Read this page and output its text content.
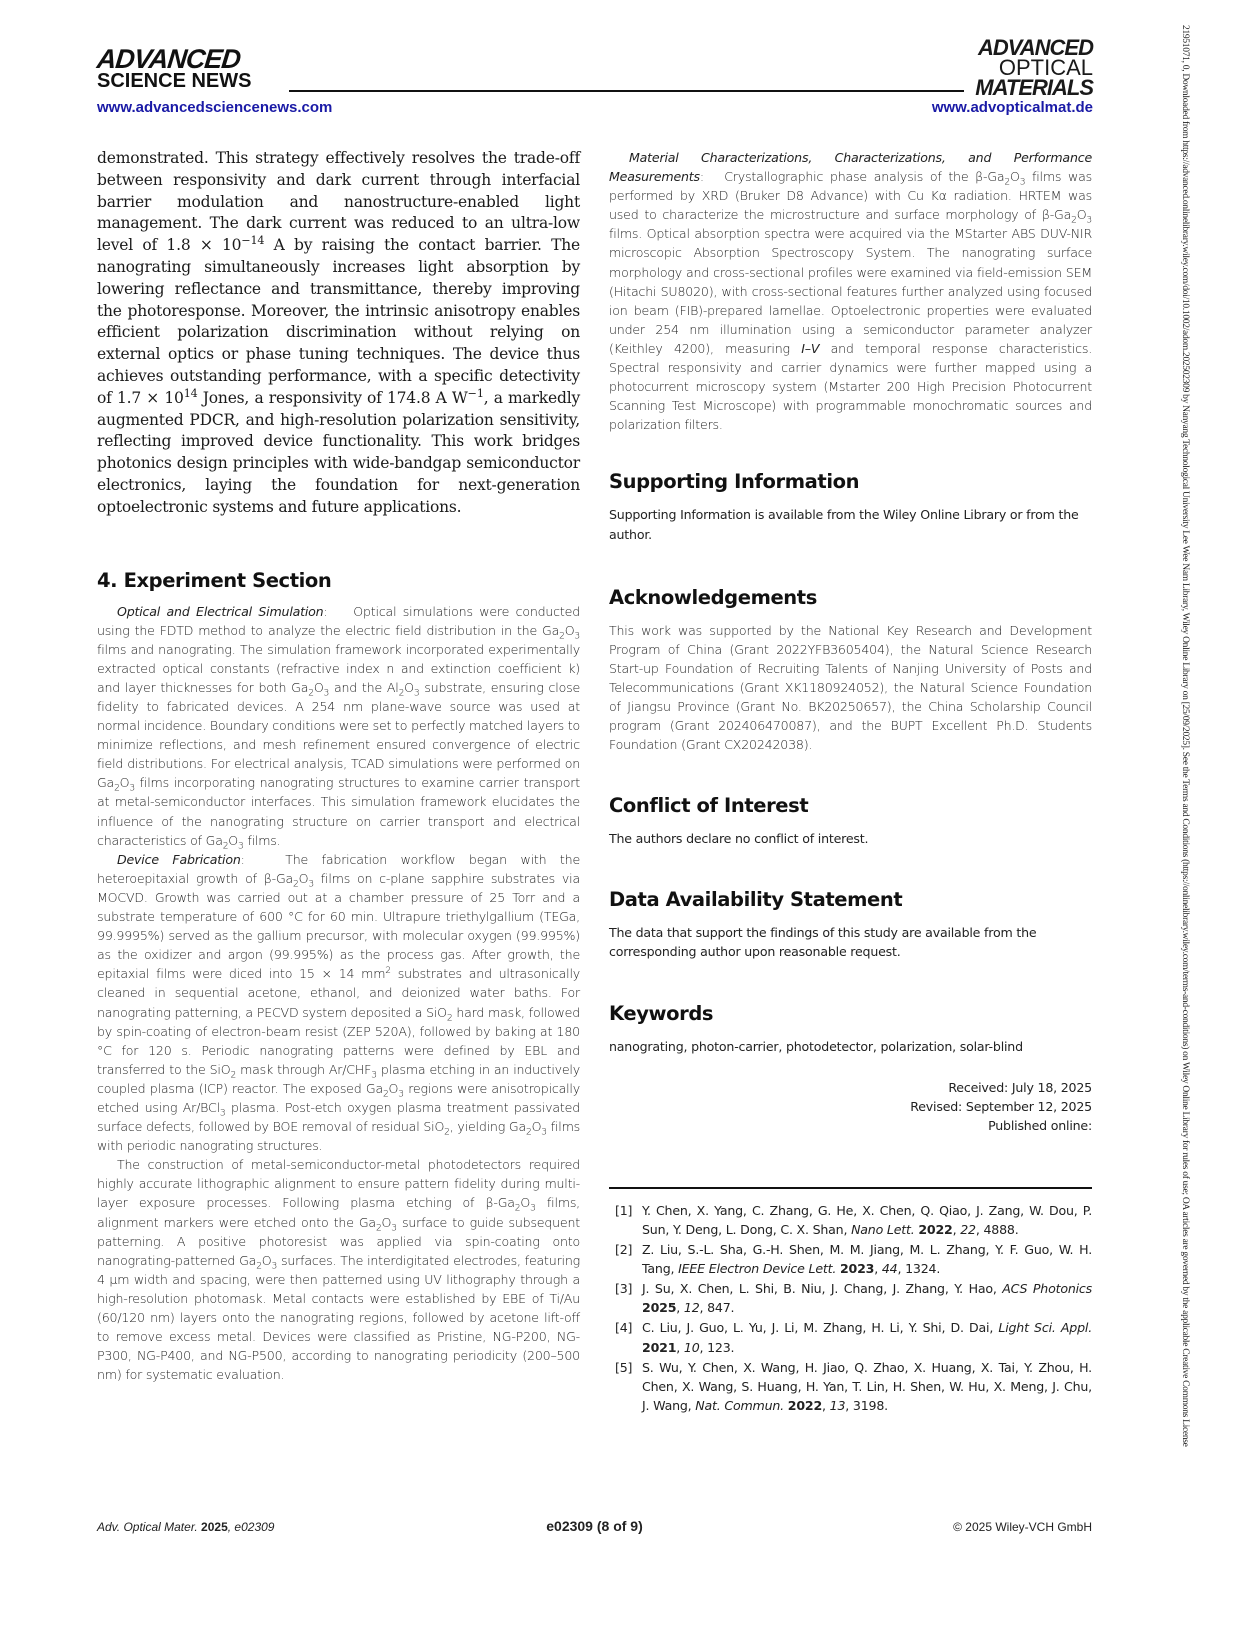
ADVANCED
SCIENCE NEWS
ADVANCED
OPTICAL
MATERIALS
www.advancedsciencenews.com	www.advopticalmat.de	21951071, 0, Downloaded from https://advanced.onlinelibrary.wiley.com/doi/10.1002/adom.202502309 by Nanyang Technological University Lee Wee Nam Library, Wiley Online Library on [25/09/2025]. See the Terms and Conditions (https://onlinelibrary.wiley.com/terms-and-conditions) on Wiley Online Library for rules of use; OA articles are governed by the applicable Creative Commons License

demonstrated. This strategy effectively resolves the trade-off between responsivity and dark current through interfacial barrier modulation and nanostructure-enabled light management. The dark current was reduced to an ultra-low level of $1.8 \times 10^{-14}$ A by raising the contact barrier. The nanograting simultaneously increases light absorption by lowering reflectance and transmittance, thereby improving the photoresponse. Moreover, the intrinsic anisotropy enables efficient polarization discrimination without relying on external optics or phase tuning techniques. The device thus achieves outstanding performance, with a specific detectivity of $1.7 \times 10^{14}$ Jones, a responsivity of 174.8 A $W^{-1}$, a markedly augmented PDCR, and high-resolution polarization sensitivity, reflecting improved device functionality. This work bridges photonics design principles with wide-bandgap semiconductor electronics, laying the foundation for next-generation optoelectronic systems and future applications.

4. Experiment Section

Optical and Electrical Simulation:    Optical simulations were conducted using the FDTD method to analyze the electric field distribution in the $Ga_2O_3$ films and nanograting. The simulation framework incorporated experimentally extracted optical constants (refractive index n and extinction coefficient k) and layer thicknesses for both $Ga_2O_3$ and the $Al_2O_3$ substrate, ensuring close fidelity to fabricated devices. A 254 nm plane-wave source was used at normal incidence. Boundary conditions were set to perfectly matched layers to minimize reflections, and mesh refinement ensured convergence of electric field distributions. For electrical analysis, TCAD simulations were performed on $Ga_2O_3$ films incorporating nanograting structures to examine carrier transport at metal-semiconductor interfaces. This simulation framework elucidates the influence of the nanograting structure on carrier transport and electrical characteristics of $Ga_2O_3$ films.

Device Fabrication:   The fabrication workflow began with the heteroepitaxial growth of $\beta-Ga_2O_3$ films on c-plane sapphire substrates via MOCVD. Growth was carried out at a chamber pressure of 25 Torr and a substrate temperature of 600 °C for 60 min. Ultrapure triethylgallium (TEGa, 99.9995%) served as the gallium precursor, with molecular oxygen (99.995%) as the oxidizer and argon (99.995%) as the process gas. After growth, the epitaxial films were diced into 15 × 14 $mm^2$ substrates and ultrasonically cleaned in sequential acetone, ethanol, and deionized water baths. For nanograting patterning, a PECVD system deposited a SiO$_2$ hard mask, followed by spin-coating of electron-beam resist (ZEP 520A), followed by baking at 180 °C for 120 s. Periodic nanograting patterns were defined by EBL and transferred to the SiO$_2$ mask through $Ar/CHF_3$ plasma etching in an inductively coupled plasma (ICP) reactor. The exposed $Ga_2O_3$ regions were anisotropically etched using Ar/BCl$_3$ plasma. Post-etch oxygen plasma treatment passivated surface defects, followed by BOE removal of residual SiO$_2$, yielding $Ga_2O_3$ films with periodic nanograting structures.

The construction of metal-semiconductor-metal photodetectors required highly accurate lithographic alignment to ensure pattern fidelity during multi-layer exposure processes. Following plasma etching of $\beta-Ga_2O_3$ films, alignment markers were etched onto the $Ga_2O_3$ surface to guide subsequent patterning. A positive photoresist was applied via spin-coating onto nanograting-patterned $Ga_2O_3$ surfaces. The interdigitated electrodes, featuring 4 μm width and spacing, were then patterned using UV lithography through a high-resolution photomask. Metal contacts were established by EBE of Ti/Au (60/120 nm) layers onto the nanograting regions, followed by acetone lift-off to remove excess metal. Devices were classified as Pristine, NG-P200, NG-P300, NG-P400, and NG-P500, according to nanograting periodicity (200–500 nm) for systematic evaluation.

Material Characterizations, Characterizations, and Performance Measurements:   Crystallographic phase analysis of the $\beta-Ga_2O_3$ films was performed by XRD (Bruker D8 Advance) with Cu Kα radiation. HRTEM was used to characterize the microstructure and surface morphology of $\beta-Ga_2O_3$ films. Optical absorption spectra were acquired via the MStarter ABS DUV-NIR microscopic Absorption Spectroscopy System. The nanograting surface morphology and cross-sectional profiles were examined via field-emission SEM (Hitachi SU8020), with cross-sectional features further analyzed using focused ion beam (FIB)-prepared lamellae. Optoelectronic properties were evaluated under 254 nm illumination using a semiconductor parameter analyzer (Keithley 4200), measuring I–V and temporal response characteristics. Spectral responsivity and carrier dynamics were further mapped using a photocurrent microscopy system (Mstarter 200 High Precision Photocurrent Scanning Test Microscope) with programmable monochromatic sources and polarization filters.

Supporting Information

Supporting Information is available from the Wiley Online Library or from the author.

Acknowledgements

This work was supported by the National Key Research and Development Program of China (Grant 2022YFB3605404), the Natural Science Research Start-up Foundation of Recruiting Talents of Nanjing University of Posts and Telecommunications (Grant XK1180924052), the Natural Science Foundation of Jiangsu Province (Grant No. BK20250657), the China Scholarship Council program (Grant 202406470087), and the BUPT Excellent Ph.D. Students Foundation (Grant CX20242038).

Conflict of Interest

The authors declare no conflict of interest.

Data Availability Statement

The data that support the findings of this study are available from the corresponding author upon reasonable request.

Keywords

nanograting, photon-carrier, photodetector, polarization, solar-blind

Received: July 18, 2025

Revised: September 12, 2025

Published online:

[1] Y. Chen, X. Yang, C. Zhang, G. He, X. Chen, Q. Qiao, J. Zang, W. Dou, P. Sun, Y. Deng, L. Dong, C. X. Shan, Nano Lett. 2022, 22, 4888.
[2] Z. Liu, S.-L. Sha, G.-H. Shen, M. M. Jiang, M. L. Zhang, Y. F. Guo, W. H. Tang, IEEE Electron Device Lett. 2023, 44, 1324.
[3] J. Su, X. Chen, L. Shi, B. Niu, J. Chang, J. Zhang, Y. Hao, ACS Photonics 2025, 12, 847.
[4] C. Liu, J. Guo, L. Yu, J. Li, M. Zhang, H. Li, Y. Shi, D. Dai, Light Sci. Appl. 2021, 10, 123.
[5] S. Wu, Y. Chen, X. Wang, H. Jiao, Q. Zhao, X. Huang, X. Tai, Y. Zhou, H. Chen, X. Wang, S. Huang, H. Yan, T. Lin, H. Shen, W. Hu, X. Meng, J. Chu, J. Wang, Nat. Commun. 2022, 13, 3198.
Adv. Optical Mater. 2025, e02309	e02309 (8 of 9)	© 2025 Wiley-VCH GmbH
